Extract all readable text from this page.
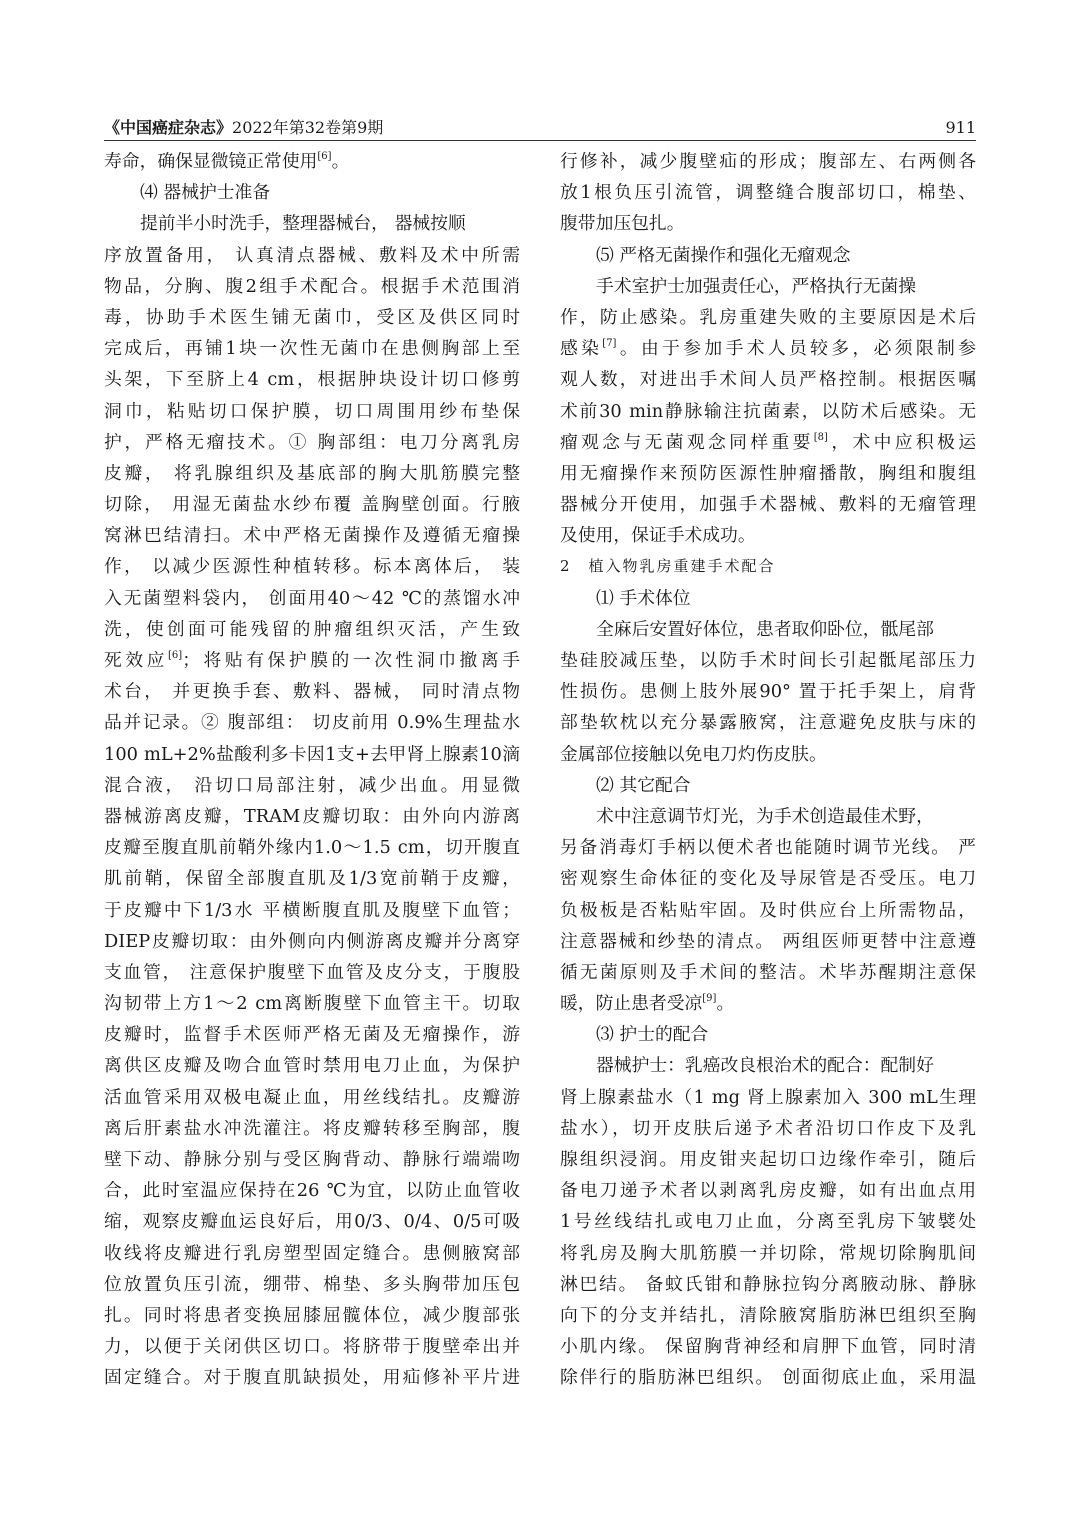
《中国癌症杂志》2022年第32卷第9期	911
寿命，确保显微镜正常使用[6]。
⑷ 器械护士准备
提前半小时洗手，整理器械台， 器械按顺
序放置备用， 认真清点器械、敷料及术中所需
物品，分胸、腹2组手术配合。根据手术范围消
毒，协助手术医生铺无菌巾，受区及供区同时
完成后，再铺1块一次性无菌巾在患侧胸部上至
头架，下至脐上4 cm，根据肿块设计切口修剪
洞巾，粘贴切口保护膜，切口周围用纱布垫保
护，严格无瘤技术。① 胸部组：电刀分离乳房
皮瓣， 将乳腺组织及基底部的胸大肌筋膜完整
切除， 用湿无菌盐水纱布覆 盖胸壁创面。行腋
窝淋巴结清扫。术中严格无菌操作及遵循无瘤操
作， 以减少医源性种植转移。标本离体后， 装
入无菌塑料袋内， 创面用40～42 ℃的蒸馏水冲
洗，使创面可能残留的肿瘤组织灭活，产生致
死效应[6]；将贴有保护膜的一次性洞巾撤离手
术台， 并更换手套、敷料、器械， 同时清点物
品并记录。② 腹部组： 切皮前用 0.9%生理盐水
100 mL+2%盐酸利多卡因1支+去甲肾上腺素10滴
混合液， 沿切口局部注射，减少出血。用显微
器械游离皮瓣，TRAM皮瓣切取：由外向内游离
皮瓣至腹直肌前鞘外缘内1.0～1.5 cm，切开腹直
肌前鞘，保留全部腹直肌及1/3宽前鞘于皮瓣，
于皮瓣中下1/3水 平横断腹直肌及腹壁下血管；
DIEP皮瓣切取：由外侧向内侧游离皮瓣并分离穿
支血管， 注意保护腹壁下血管及皮分支，于腹股
沟韧带上方1～2 cm离断腹壁下血管主干。切取
皮瓣时，监督手术医师严格无菌及无瘤操作，游
离供区皮瓣及吻合血管时禁用电刀止血，为保护
活血管采用双极电凝止血，用丝线结扎。皮瓣游
离后肝素盐水冲洗灌注。将皮瓣转移至胸部，腹
壁下动、静脉分别与受区胸背动、静脉行端端吻
合，此时室温应保持在26 ℃为宜，以防止血管收
缩，观察皮瓣血运良好后，用0/3、0/4、0/5可吸
收线将皮瓣进行乳房塑型固定缝合。患侧腋窝部
位放置负压引流，绷带、棉垫、多头胸带加压包
扎。同时将患者变换屈膝屈髋体位，减少腹部张
力，以便于关闭供区切口。将脐带于腹壁牵出并
固定缝合。对于腹直肌缺损处，用疝修补平片进
行修补，减少腹壁疝的形成；腹部左、右两侧各
放1根负压引流管，调整缝合腹部切口，棉垫、
腹带加压包扎。
⑸ 严格无菌操作和强化无瘤观念
手术室护士加强责任心，严格执行无菌操
作，防止感染。乳房重建失败的主要原因是术后
感染[7]。由于参加手术人员较多，必须限制参
观人数，对进出手术间人员严格控制。根据医嘱
术前30 min静脉输注抗菌素，以防术后感染。无
瘤观念与无菌观念同样重要[8]，术中应积极运
用无瘤操作来预防医源性肿瘤播散，胸组和腹组
器械分开使用，加强手术器械、敷料的无瘤管理
及使用，保证手术成功。
2　植入物乳房重建手术配合
⑴ 手术体位
全麻后安置好体位，患者取仰卧位，骶尾部
垫硅胶减压垫，以防手术时间长引起骶尾部压力
性损伤。患侧上肢外展90° 置于托手架上，肩背
部垫软枕以充分暴露腋窝，注意避免皮肤与床的
金属部位接触以免电刀灼伤皮肤。
⑵ 其它配合
术中注意调节灯光，为手术创造最佳术野，
另备消毒灯手柄以便术者也能随时调节光线。 严
密观察生命体征的变化及导尿管是否受压。电刀
负极板是否粘贴牢固。及时供应台上所需物品，
注意器械和纱垫的清点。 两组医师更替中注意遵
循无菌原则及手术间的整洁。术毕苏醒期注意保
暖，防止患者受凉[9]。
⑶ 护士的配合
器械护士：乳癌改良根治术的配合：配制好
肾上腺素盐水（1 mg 肾上腺素加入 300 mL生理
盐水），切开皮肤后递予术者沿切口作皮下及乳
腺组织浸润。用皮钳夹起切口边缘作牵引，随后
备电刀递予术者以剥离乳房皮瓣，如有出血点用
1号丝线结扎或电刀止血，分离至乳房下皱襞处
将乳房及胸大肌筋膜一并切除，常规切除胸肌间
淋巴结。 备蚊氏钳和静脉拉钩分离腋动脉、静脉
向下的分支并结扎，清除腋窝脂肪淋巴组织至胸
小肌内缘。 保留胸背神经和肩胛下血管，同时清
除伴行的脂肪淋巴组织。 创面彻底止血，采用温
